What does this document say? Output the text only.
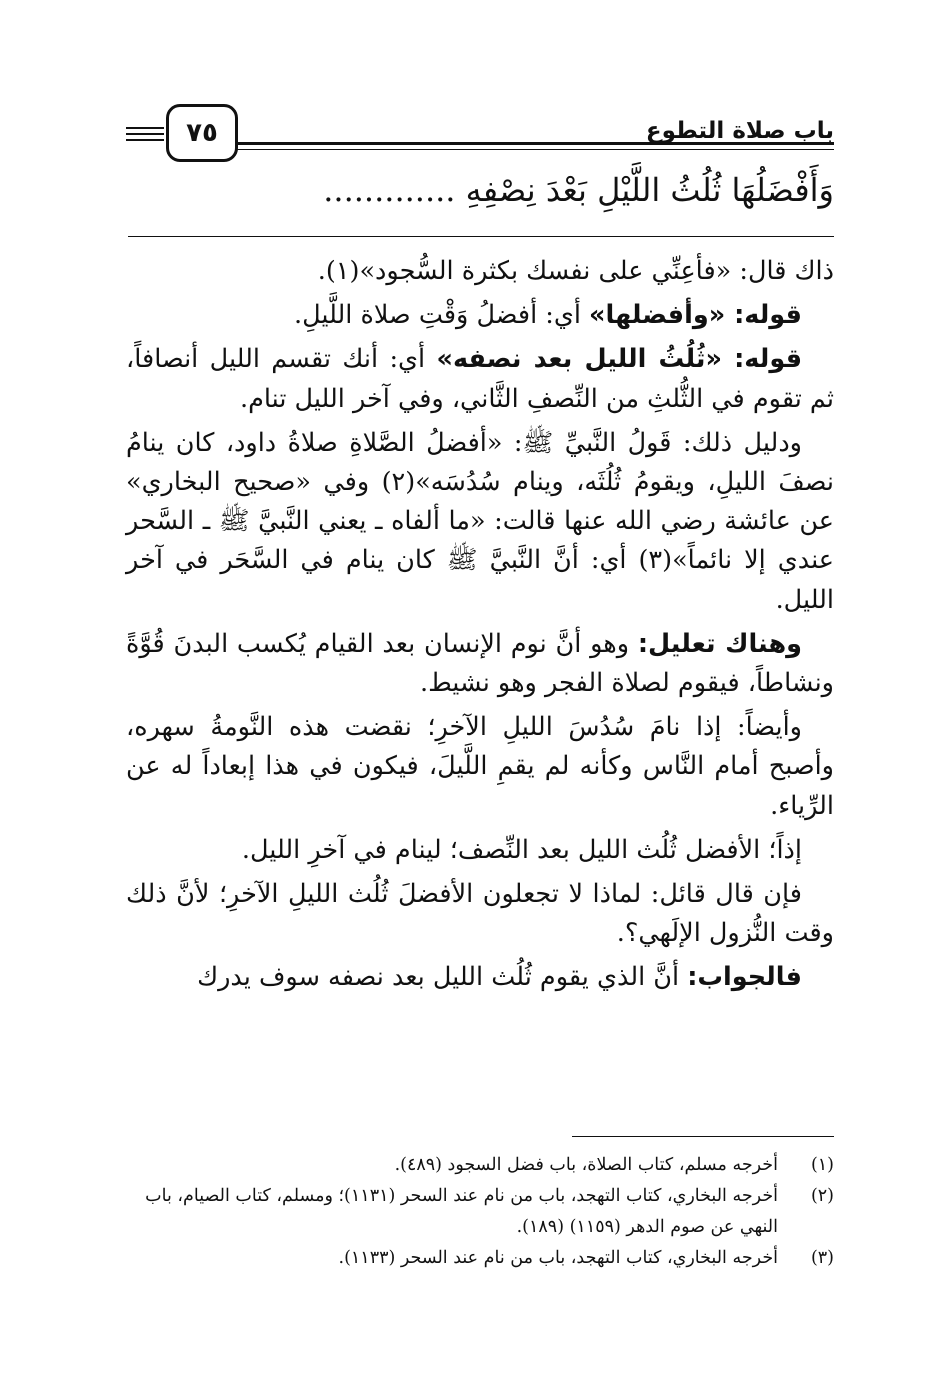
باب صلاة التطوع
٧٥
وَأَفْضَلُهَا ثُلُثُ اللَّيْلِ بَعْدَ نِصْفِهِ .............

ذاك قال: «فأعِنِّي على نفسك بكثرة السُّجود»(١).

قوله: «وأفضلها» أي: أفضلُ وَقْتِ صلاة اللَّيلِ.

قوله: «ثُلُثُ الليل بعد نصفه» أي: أنك تقسم الليل أنصافاً، ثم تقوم في الثُّلثِ من النِّصفِ الثَّاني، وفي آخر الليل تنام.

ودليل ذلك: قَولُ النَّبيِّ ﷺ: «أفضلُ الصَّلاةِ صلاةُ داود، كان ينامُ نصفَ الليلِ، ويقومُ ثُلُثَه، وينام سُدُسَه»(٢) وفي «صحيح البخاري» عن عائشة رضي الله عنها قالت: «ما ألفاه ـ يعني النَّبيَّ ﷺ ـ السَّحر عندي إلا نائماً»(٣) أي: أنَّ النَّبيَّ ﷺ كان ينام في السَّحَر في آخر الليل.

وهناك تعليل: وهو أنَّ نوم الإنسان بعد القيام يُكسب البدنَ قُوَّةً ونشاطاً، فيقوم لصلاة الفجر وهو نشيط.

وأيضاً: إذا نامَ سُدُسَ الليلِ الآخرِ؛ نقضت هذه النَّومةُ سهره، وأصبح أمام النَّاس وكأنه لم يقمِ اللَّيلَ، فيكون في هذا إبعاداً له عن الرِّياء.

إذاً؛ الأفضل ثُلُث الليل بعد النِّصف؛ لينام في آخرِ الليل.

فإن قال قائل: لماذا لا تجعلون الأفضلَ ثُلُث الليلِ الآخرِ؛ لأنَّ ذلك وقت النُّزول الإلَهي؟.

فالجواب: أنَّ الذي يقوم ثُلُث الليل بعد نصفه سوف يدرك

(١)
أخرجه مسلم، كتاب الصلاة، باب فضل السجود (٤٨٩).
(٢)
أخرجه البخاري، كتاب التهجد، باب من نام عند السحر (١١٣١)؛ ومسلم، كتاب الصيام، باب النهي عن صوم الدهر (١١٥٩) (١٨٩).
(٣)
أخرجه البخاري، كتاب التهجد، باب من نام عند السحر (١١٣٣).
